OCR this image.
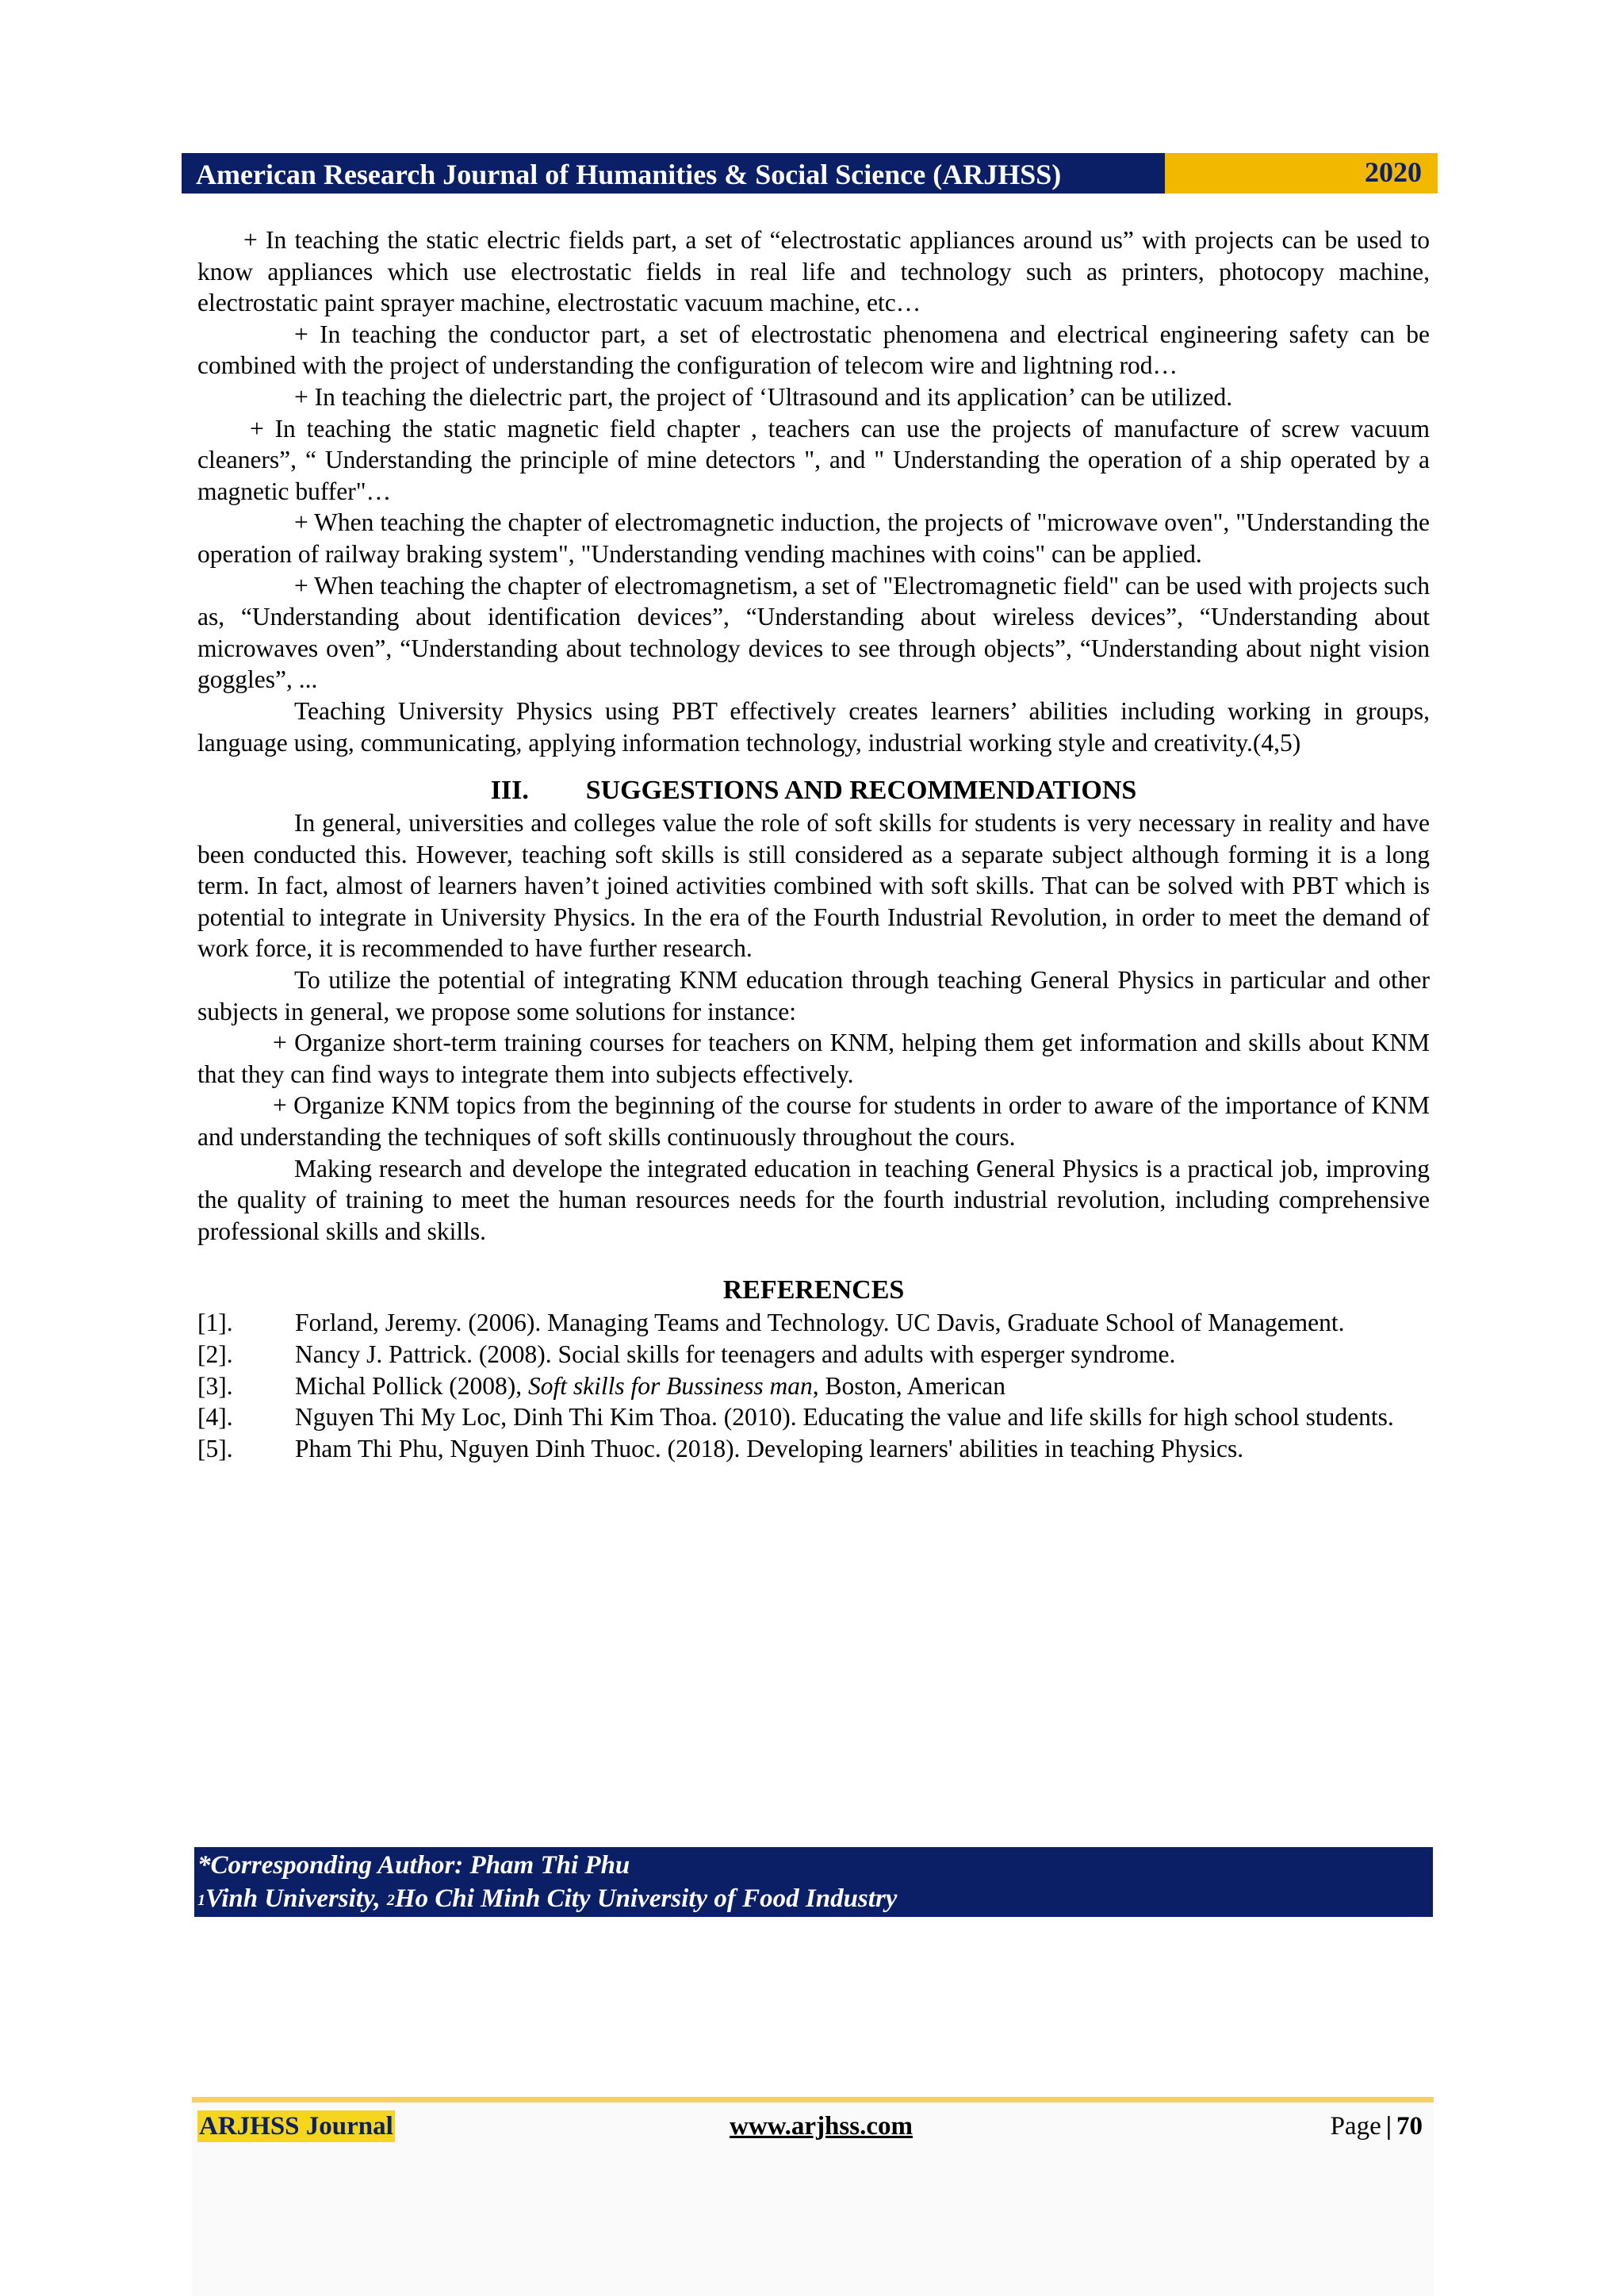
American Research Journal of Humanities & Social Science (ARJHSS)	2020

+ In teaching the static electric fields part, a set of “electrostatic appliances around us” with projects can be used to know appliances which use electrostatic fields in real life and technology such as printers, photocopy machine, electrostatic paint sprayer machine, electrostatic vacuum machine, etc…

+ In teaching the conductor part, a set of electrostatic phenomena and electrical engineering safety can be combined with the project of understanding the configuration of telecom wire and lightning rod…

+ In teaching the dielectric part, the project of ‘Ultrasound and its application’ can be utilized.

+ In teaching the static magnetic field chapter , teachers can use the projects of manufacture of screw vacuum cleaners”, “ Understanding the principle of mine detectors ", and " Understanding the operation of a ship operated by a magnetic buffer"…

+ When teaching the chapter of electromagnetic induction, the projects of "microwave oven", "Understanding the operation of railway braking system", "Understanding vending machines with coins" can be applied.

+ When teaching the chapter of electromagnetism, a set of "Electromagnetic field" can be used with projects such as, “Understanding about identification devices”, “Understanding about wireless devices”, “Understanding about microwaves oven”, “Understanding about technology devices to see through objects”, “Understanding about night vision goggles”, ...

Teaching University Physics using PBT effectively creates learners’ abilities including working in groups, language using, communicating, applying information technology, industrial working style and creativity.(4,5)

III. SUGGESTIONS AND RECOMMENDATIONS

In general, universities and colleges value the role of soft skills for students is very necessary in reality and have been conducted this. However, teaching soft skills is still considered as a separate subject although forming it is a long term. In fact, almost of learners haven’t joined activities combined with soft skills. That can be solved with PBT which is potential to integrate in University Physics. In the era of the Fourth Industrial Revolution, in order to meet the demand of work force, it is recommended to have further research.

To utilize the potential of integrating KNM education through teaching General Physics in particular and other subjects in general, we propose some solutions for instance:

+ Organize short-term training courses for teachers on KNM, helping them get information and skills about KNM that they can find ways to integrate them into subjects effectively.

+ Organize KNM topics from the beginning of the course for students in order to aware of the importance of KNM and understanding the techniques of soft skills continuously throughout the cours.

Making research and develope the integrated education in teaching General Physics is a practical job, improving the quality of training to meet the human resources needs for the fourth industrial revolution, including comprehensive professional skills and skills.

REFERENCES
[1].	Forland, Jeremy. (2006). Managing Teams and Technology. UC Davis, Graduate School of Management.
[2].	Nancy J. Pattrick. (2008). Social skills for teenagers and adults with esperger syndrome.
[3].	Michal Pollick (2008), Soft skills for Bussiness man, Boston, American
[4].	Nguyen Thi My Loc, Dinh Thi Kim Thoa. (2010). Educating the value and life skills for high school students.
[5].	Pham Thi Phu, Nguyen Dinh Thuoc. (2018). Developing learners' abilities in teaching Physics.
*Corresponding Author: Pham Thi Phu
$^1$Vinh University, $^2$Ho Chi Minh City University of Food Industry
ARJHSS Journal	www.arjhss.com	Page | 70
